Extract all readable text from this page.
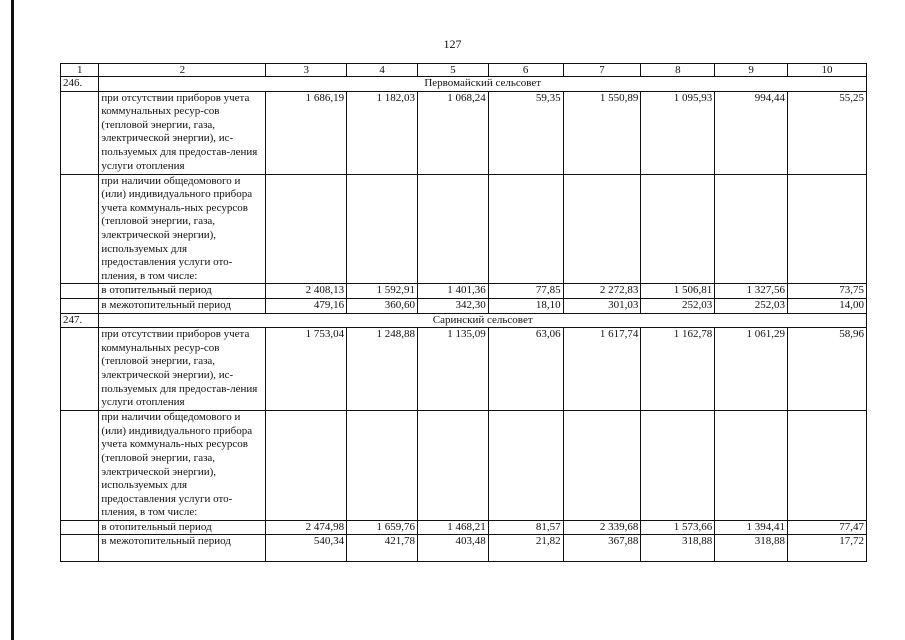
127
1	2	3	4	5	6	7	8	9	10
246.	Первомайский сельсовет								
	при отсутствии приборов учета коммунальных ресур-сов (тепловой энергии, газа, электрической энергии), ис-пользуемых для предостав-ления услуги отопления	1 686,19	1 182,03	1 068,24	59,35	1 550,89	1 095,93	994,44	55,25
	при наличии общедомового и (или) индивидуального прибора учета коммуналь-ных ресурсов (тепловой энергии, газа, электрической энергии), используемых для предоставления услуги ото-пления, в том числе:								
	в отопительный период	2 408,13	1 592,91	1 401,36	77,85	2 272,83	1 506,81	1 327,56	73,75
	в межотопительный период	479,16	360,60	342,30	18,10	301,03	252,03	252,03	14,00
247.	Саринский сельсовет								
	при отсутствии приборов учета коммунальных ресур-сов (тепловой энергии, газа, электрической энергии), ис-пользуемых для предостав-ления услуги отопления	1 753,04	1 248,88	1 135,09	63,06	1 617,74	1 162,78	1 061,29	58,96
	при наличии общедомового и (или) индивидуального прибора учета коммуналь-ных ресурсов (тепловой энергии, газа, электрической энергии), используемых для предоставления услуги ото-пления, в том числе:								
	в отопительный период	2 474,98	1 659,76	1 468,21	81,57	2 339,68	1 573,66	1 394,41	77,47
	в межотопительный период	540,34	421,78	403,48	21,82	367,88	318,88	318,88	17,72
